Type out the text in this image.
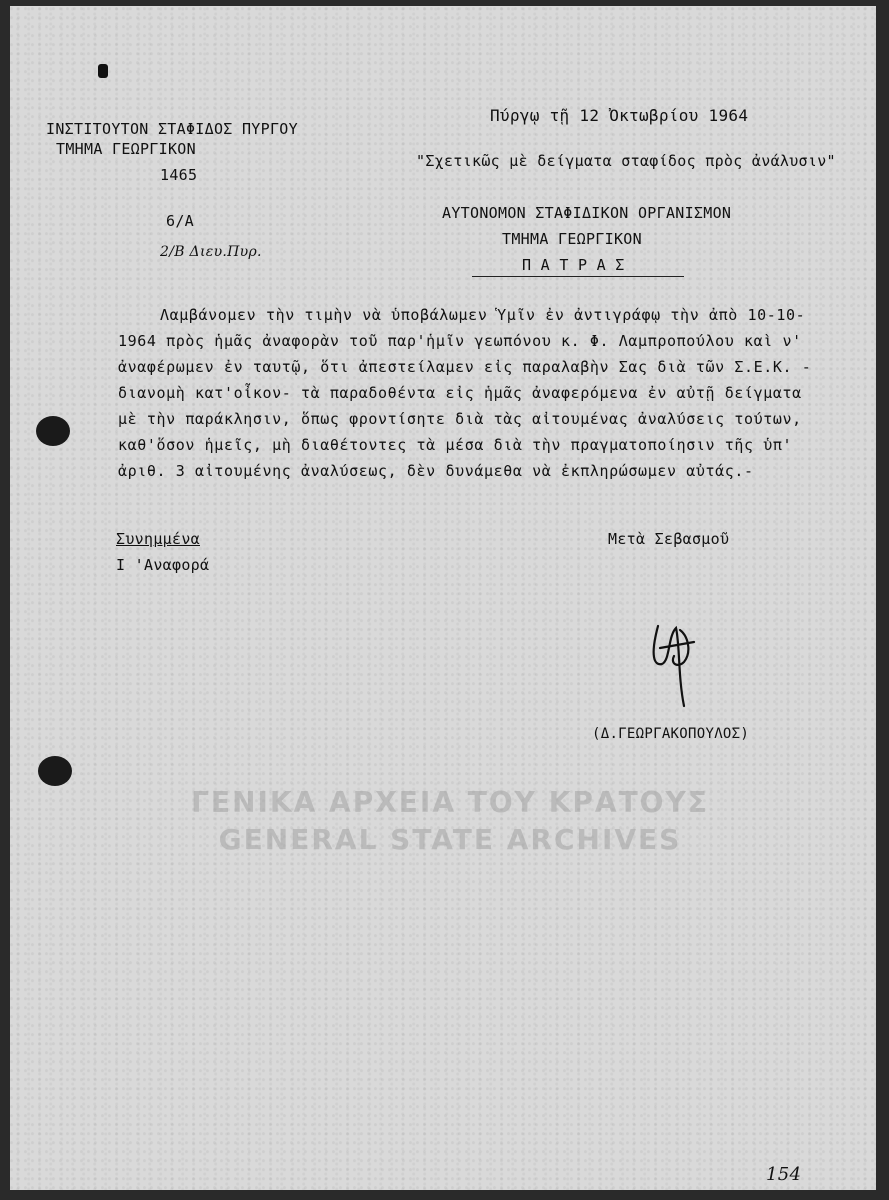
ΓΕΝΙΚΑ ΑΡΧΕΙΑ ΤΟΥ ΚΡΑΤΟΥΣ
GENERAL STATE ARCHIVES
ΙΝΣΤΙΤΟΥΤΟΝ ΣΤΑΦΙΔΟΣ ΠΥΡΓΟΥ
ΤΜΗΜΑ ΓΕΩΡΓΙΚΟΝ
1465
6/Α
2/Β Διευ.Πυρ.
Πύργῳ τῇ 12 Ὀκτωβρίου 1964
"Σχετικῶς μὲ δείγματα σταφίδος πρὸς ἀνάλυσιν"
ΑΥΤΟΝΟΜΟΝ ΣΤΑΦΙΔΙΚΟΝ ΟΡΓΑΝΙΣΜΟΝ
ΤΜΗΜΑ ΓΕΩΡΓΙΚΟΝ
Π Α Τ Ρ Α Σ
Λαμβάνομεν τὴν τιμὴν νὰ ὑποβάλωμεν Ὑμῖν ἐν ἀντιγράφῳ τὴν ἀπὸ 10-10-
1964 πρὸς ἡμᾶς ἀναφορὰν τοῦ παρ'ἡμῖν γεωπόνου κ. Φ. Λαμπροπούλου καὶ ν'
ἀναφέρωμεν ἐν ταυτῷ, ὅτι ἀπεστείλαμεν εἰς παραλαβὴν Σας διὰ τῶν Σ.Ε.Κ. -
διανομὴ κατ'οἶκον- τὰ παραδοθέντα εἰς ἡμᾶς ἀναφερόμενα ἐν αὐτῇ δείγματα
μὲ τὴν παράκλησιν, ὅπως φροντίσητε διὰ τὰς αἰτουμένας ἀναλύσεις τούτων,
καθ'ὅσον ἡμεῖς, μὴ διαθέτοντες τὰ μέσα διὰ τὴν πραγματοποίησιν τῆς ὑπ'
ἀριθ. 3 αἰτουμένης ἀναλύσεως, δὲν δυνάμεθα νὰ ἐκπληρώσωμεν αὐτάς.-
Συνημμένα
Ι 'Αναφορά
Μετὰ Σεβασμοῦ
(Δ.ΓΕΩΡΓΑΚΟΠΟΥΛΟΣ)
154
